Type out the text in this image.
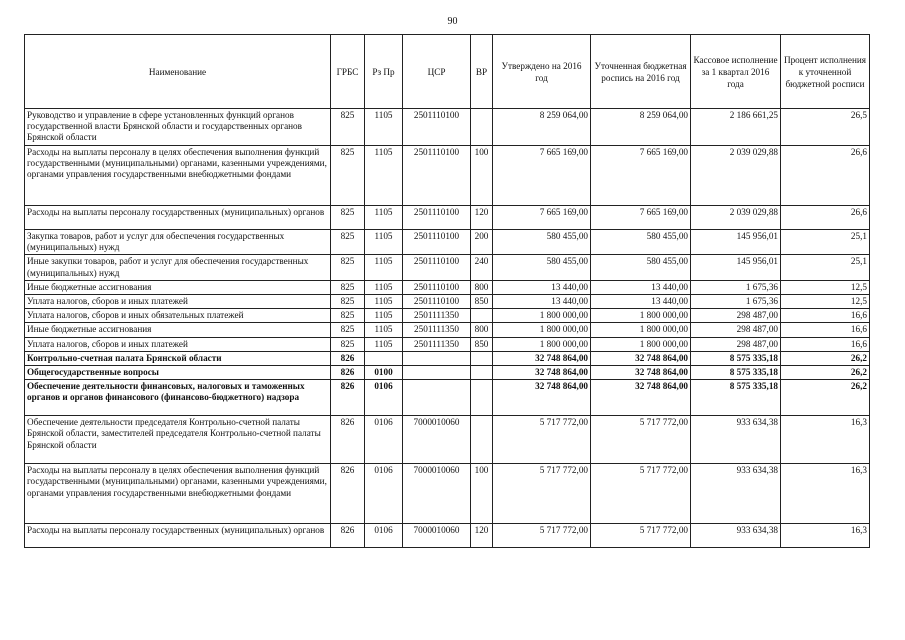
90
Наименование	ГРБС	Рз Пр	ЦСР	ВР	Утверждено на 2016 год	Уточненная бюджетная роспись на 2016 год	Кассовое исполнение за 1 квартал 2016 года	Процент исполнения к уточненной бюджетной росписи
Руководство и управление в сфере установленных функций органов государственной власти Брянской области и государственных органов Брянской области	825	1105	2501110100		8 259 064,00	8 259 064,00	2 186 661,25	26,5
Расходы на выплаты персоналу в целях обеспечения выполнения функций государственными (муниципальными) органами, казенными учреждениями, органами управления государственными внебюджетными фондами	825	1105	2501110100	100	7 665 169,00	7 665 169,00	2 039 029,88	26,6
Расходы на выплаты персоналу государственных (муниципальных) органов	825	1105	2501110100	120	7 665 169,00	7 665 169,00	2 039 029,88	26,6
Закупка товаров, работ и услуг для обеспечения государственных (муниципальных) нужд	825	1105	2501110100	200	580 455,00	580 455,00	145 956,01	25,1
Иные закупки товаров, работ и услуг для обеспечения государственных (муниципальных) нужд	825	1105	2501110100	240	580 455,00	580 455,00	145 956,01	25,1
Иные бюджетные ассигнования	825	1105	2501110100	800	13 440,00	13 440,00	1 675,36	12,5
Уплата налогов, сборов и иных платежей	825	1105	2501110100	850	13 440,00	13 440,00	1 675,36	12,5
Уплата налогов, сборов и иных обязательных платежей	825	1105	2501111350		1 800 000,00	1 800 000,00	298 487,00	16,6
Иные бюджетные ассигнования	825	1105	2501111350	800	1 800 000,00	1 800 000,00	298 487,00	16,6
Уплата налогов, сборов и иных платежей	825	1105	2501111350	850	1 800 000,00	1 800 000,00	298 487,00	16,6
Контрольно-счетная палата Брянской области	826				32 748 864,00	32 748 864,00	8 575 335,18	26,2
Общегосударственные вопросы	826	0100			32 748 864,00	32 748 864,00	8 575 335,18	26,2
Обеспечение деятельности финансовых, налоговых и таможенных органов и органов финансового (финансово-бюджетного) надзора	826	0106			32 748 864,00	32 748 864,00	8 575 335,18	26,2
Обеспечение деятельности председателя Контрольно-счетной палаты Брянской области, заместителей председателя Контрольно-счетной палаты Брянской области	826	0106	7000010060		5 717 772,00	5 717 772,00	933 634,38	16,3
Расходы на выплаты персоналу в целях обеспечения выполнения функций государственными (муниципальными) органами, казенными учреждениями, органами управления государственными внебюджетными фондами	826	0106	7000010060	100	5 717 772,00	5 717 772,00	933 634,38	16,3
Расходы на выплаты персоналу государственных (муниципальных) органов	826	0106	7000010060	120	5 717 772,00	5 717 772,00	933 634,38	16,3
